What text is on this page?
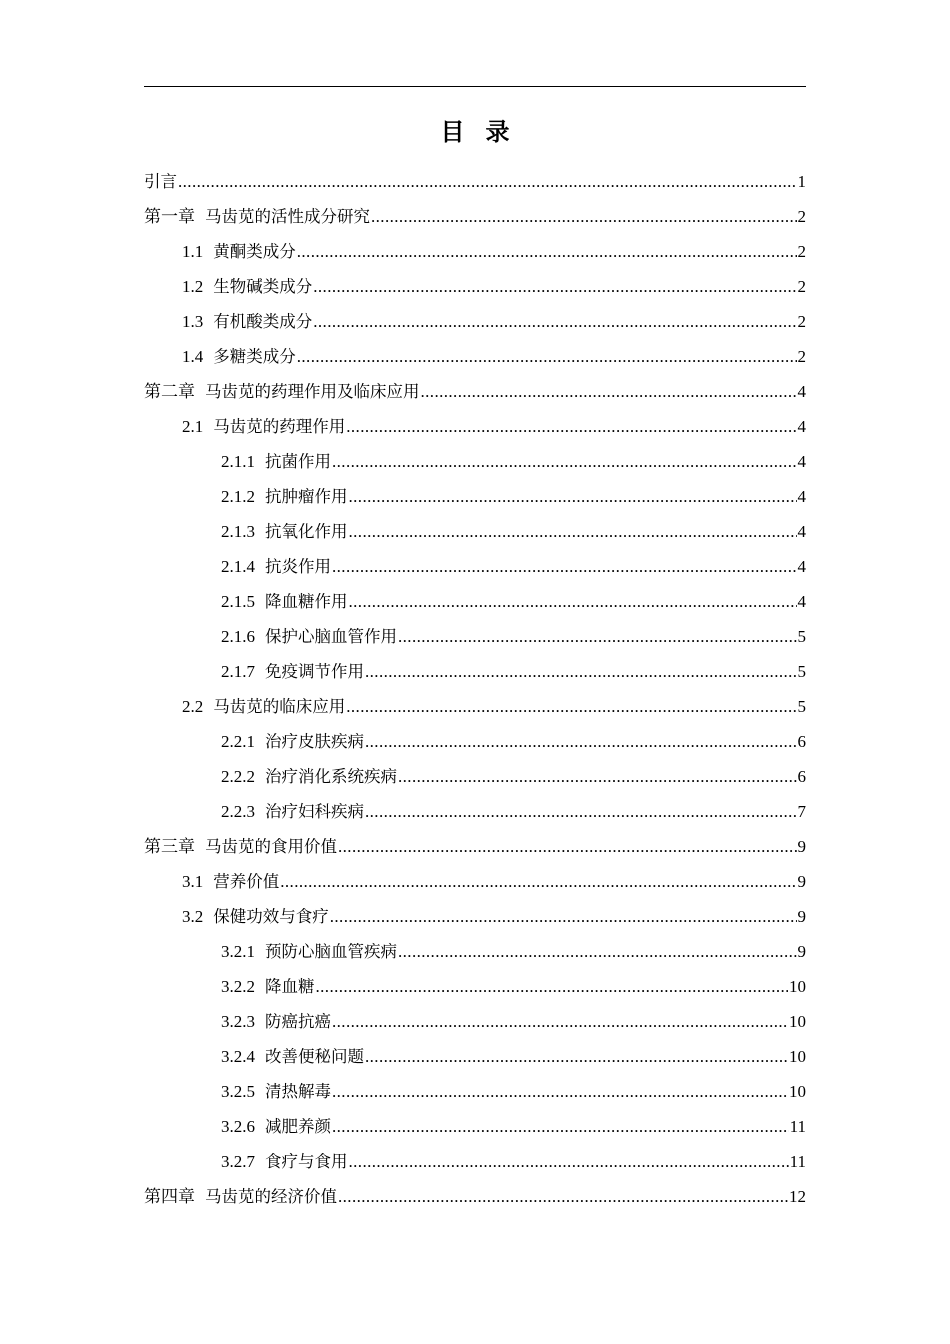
目录
引言 .....	1
第一章 马齿苋的活性成分研究 .....	2
1.1 黄酮类成分 .....	2
1.2 生物碱类成分 .....	2
1.3 有机酸类成分 .....	2
1.4 多糖类成分 .....	2
第二章 马齿苋的药理作用及临床应用 .....	4
2.1 马齿苋的药理作用 .....	4
2.1.1 抗菌作用 .....	4
2.1.2 抗肿瘤作用 .....	4
2.1.3 抗氧化作用 .....	4
2.1.4 抗炎作用 .....	4
2.1.5 降血糖作用 .....	4
2.1.6 保护心脑血管作用 .....	5
2.1.7 免疫调节作用 .....	5
2.2 马齿苋的临床应用 .....	5
2.2.1 治疗皮肤疾病 .....	6
2.2.2 治疗消化系统疾病 .....	6
2.2.3 治疗妇科疾病 .....	7
第三章 马齿苋的食用价值 .....	9
3.1 营养价值 .....	9
3.2 保健功效与食疗 .....	9
3.2.1 预防心脑血管疾病 .....	9
3.2.2 降血糖 .....	10
3.2.3 防癌抗癌 .....	10
3.2.4 改善便秘问题 .....	10
3.2.5 清热解毒 .....	10
3.2.6 减肥养颜 .....	11
3.2.7 食疗与食用 .....	11
第四章 马齿苋的经济价值 .....	12
